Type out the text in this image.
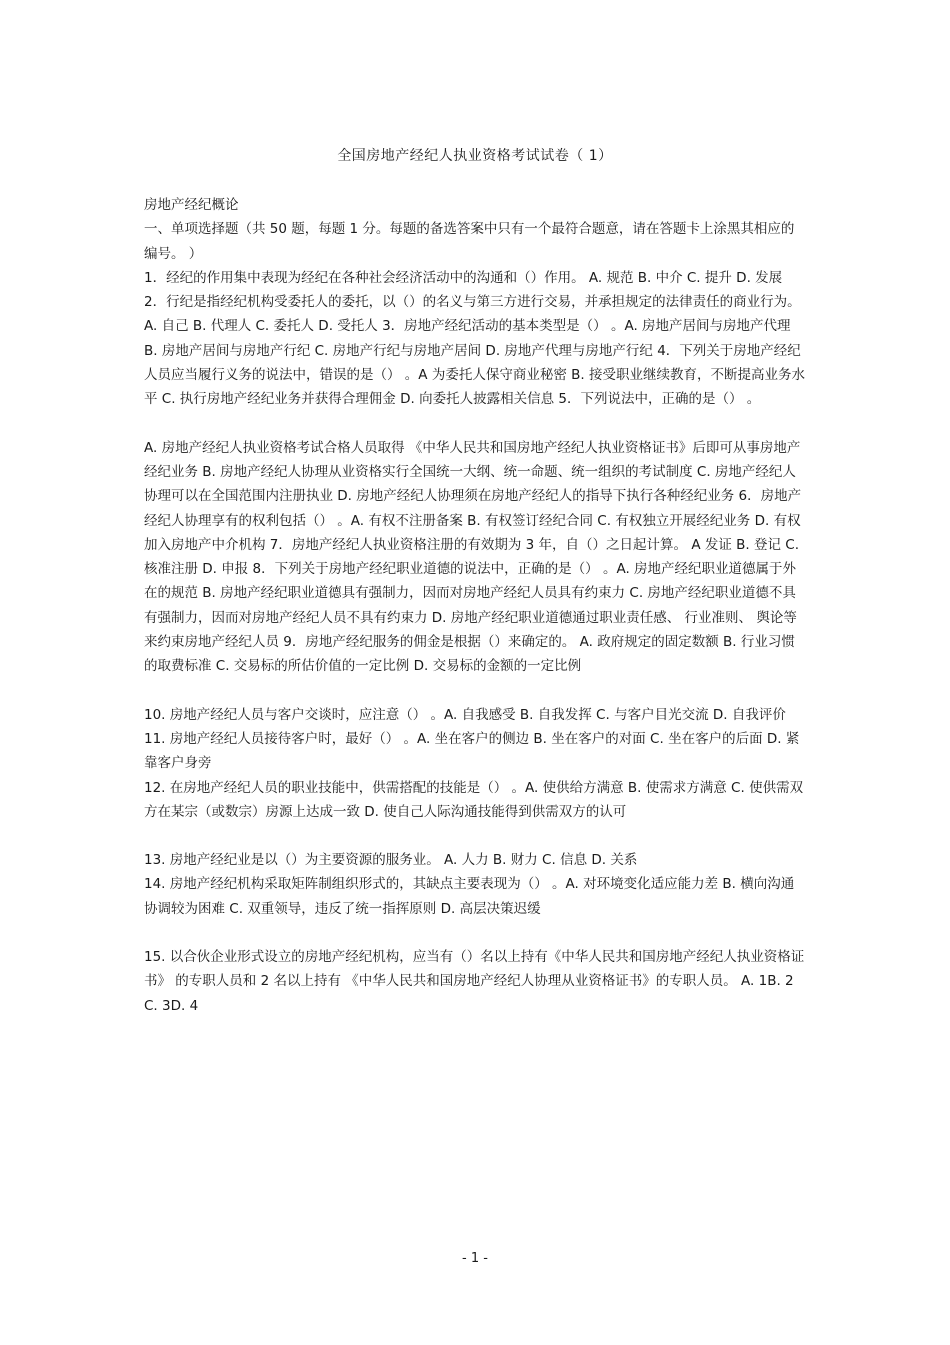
全国房地产经纪人执业资格考试试卷（ 1）

房地产经纪概论

一、单项选择题（共 50 题，每题 1 分。每题的备选答案中只有一个最符合题意，请在答题卡上涂黑其相应的编号。 ）

1．经纪的作用集中表现为经纪在各种社会经济活动中的沟通和（）作用。 A. 规范 B. 中介 C. 提升 D. 发展 2．行纪是指经纪机构受委托人的委托，以（）的名义与第三方进行交易，并承担规定的法律责任的商业行为。 A. 自己 B. 代理人 C. 委托人 D. 受托人 3．房地产经纪活动的基本类型是（） 。A. 房地产居间与房地产代理 B. 房地产居间与房地产行纪 C. 房地产行纪与房地产居间 D. 房地产代理与房地产行纪 4．下列关于房地产经纪人员应当履行义务的说法中，错误的是（） 。A 为委托人保守商业秘密 B. 接受职业继续教育，不断提高业务水平 C. 执行房地产经纪业务并获得合理佣金 D. 向委托人披露相关信息 5．下列说法中，正确的是（） 。

A. 房地产经纪人执业资格考试合格人员取得 《中华人民共和国房地产经纪人执业资格证书》后即可从事房地产经纪业务 B. 房地产经纪人协理从业资格实行全国统一大纲、统一命题、统一组织的考试制度 C. 房地产经纪人协理可以在全国范围内注册执业 D. 房地产经纪人协理须在房地产经纪人的指导下执行各种经纪业务 6．房地产经纪人协理享有的权利包括（） 。A. 有权不注册备案 B. 有权签订经纪合同 C. 有权独立开展经纪业务 D. 有权加入房地产中介机构 7．房地产经纪人执业资格注册的有效期为 3 年，自（）之日起计算。 A 发证 B. 登记 C. 核准注册 D. 申报 8．下列关于房地产经纪职业道德的说法中，正确的是（） 。A. 房地产经纪职业道德属于外在的规范 B. 房地产经纪职业道德具有强制力，因而对房地产经纪人员具有约束力 C. 房地产经纪职业道德不具有强制力，因而对房地产经纪人员不具有约束力 D. 房地产经纪职业道德通过职业责任感、 行业准则、 舆论等来约束房地产经纪人员 9．房地产经纪服务的佣金是根据（）来确定的。 A. 政府规定的固定数额 B. 行业习惯的取费标准 C. 交易标的所估价值的一定比例 D. 交易标的金额的一定比例

10. 房地产经纪人员与客户交谈时，应注意（） 。A. 自我感受 B. 自我发挥 C. 与客户目光交流 D. 自我评价
11. 房地产经纪人员接待客户时，最好（） 。A. 坐在客户的侧边 B. 坐在客户的对面 C. 坐在客户的后面 D. 紧靠客户身旁
12. 在房地产经纪人员的职业技能中，供需搭配的技能是（） 。A. 使供给方满意 B. 使需求方满意 C. 使供需双方在某宗（或数宗）房源上达成一致 D. 使自己人际沟通技能得到供需双方的认可

13. 房地产经纪业是以（）为主要资源的服务业。 A. 人力 B. 财力 C. 信息 D. 关系
14. 房地产经纪机构采取矩阵制组织形式的，其缺点主要表现为（） 。A. 对环境变化适应能力差 B. 横向沟通协调较为困难 C. 双重领导，违反了统一指挥原则 D. 高层决策迟缓

15. 以合伙企业形式设立的房地产经纪机构，应当有（）名以上持有《中华人民共和国房地产经纪人执业资格证书》 的专职人员和 2 名以上持有 《中华人民共和国房地产经纪人协理从业资格证书》的专职人员。 A. 1B. 2C. 3D. 4

- 1 -
